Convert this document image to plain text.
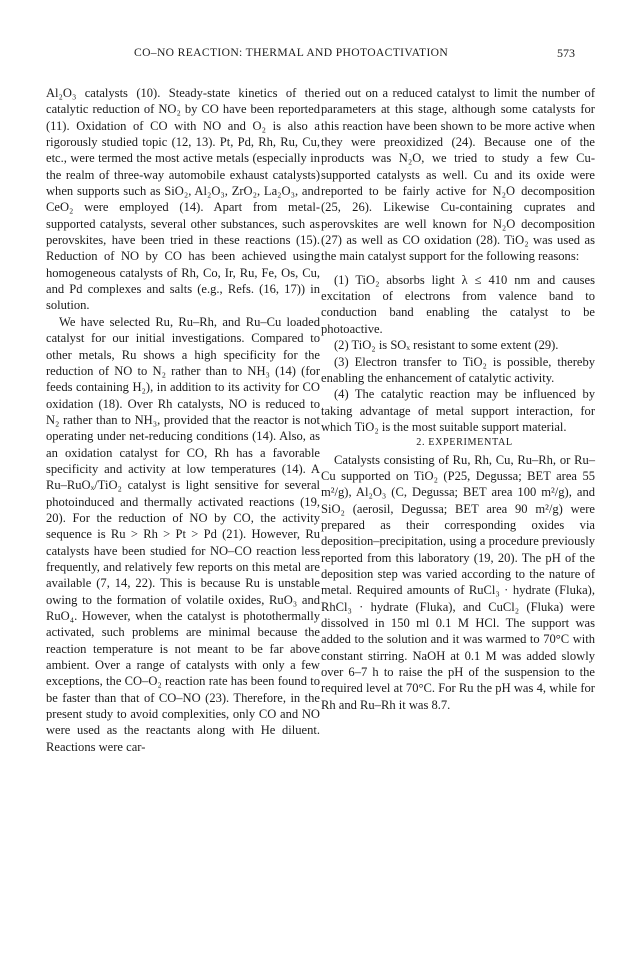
CO–NO REACTION: THERMAL AND PHOTOACTIVATION	573

Al₂O₃ catalysts (10). Steady-state kinetics of the catalytic reduction of NO₂ by CO have been reported (11). Oxidation of CO with NO and O₂ is also a rigorously studied topic (12, 13). Pt, Pd, Rh, Ru, Cu, etc., were termed the most active metals (especially in the realm of three-way automobile exhaust catalysts) when supports such as SiO₂, Al₂O₃, ZrO₂, La₂O₃, and CeO₂ were employed (14). Apart from metal-supported catalysts, several other substances, such as perovskites, have been tried in these reactions (15). Reduction of NO by CO has been achieved using homogeneous catalysts of Rh, Co, Ir, Ru, Fe, Os, Cu, and Pd complexes and salts (e.g., Refs. (16, 17)) in solution.

We have selected Ru, Ru–Rh, and Ru–Cu loaded catalyst for our initial investigations. Compared to other metals, Ru shows a high specificity for the reduction of NO to N₂ rather than to NH₃ (14) (for feeds containing H₂), in addition to its activity for CO oxidation (18). Over Rh catalysts, NO is reduced to N₂ rather than to NH₃, provided that the reactor is not operating under net-reducing conditions (14). Also, as an oxidation catalyst for CO, Rh has a favorable specificity and activity at low temperatures (14). A Ru–RuOₓ/TiO₂ catalyst is light sensitive for several photoinduced and thermally activated reactions (19, 20). For the reduction of NO by CO, the activity sequence is Ru > Rh > Pt > Pd (21). However, Ru catalysts have been studied for NO–CO reaction less frequently, and relatively few reports on this metal are available (7, 14, 22). This is because Ru is unstable owing to the formation of volatile oxides, RuO₃ and RuO₄. However, when the catalyst is photothermally activated, such problems are minimal because the reaction temperature is not meant to be far above ambient. Over a range of catalysts with only a few exceptions, the CO–O₂ reaction rate has been found to be faster than that of CO–NO (23). Therefore, in the present study to avoid complexities, only CO and NO were used as the reactants along with He diluent. Reactions were car-

ried out on a reduced catalyst to limit the number of parameters at this stage, although some catalysts for this reaction have been shown to be more active when they were preoxidized (24). Because one of the products was N₂O, we tried to study a few Cu-supported catalysts as well. Cu and its oxide were reported to be fairly active for N₂O decomposition (25, 26). Likewise Cu-containing cuprates and perovskites are well known for N₂O decomposition (27) as well as CO oxidation (28). TiO₂ was used as the main catalyst support for the following reasons:

(1) TiO₂ absorbs light λ ≤ 410 nm and causes excitation of electrons from valence band to conduction band enabling the catalyst to be photoactive.

(2) TiO₂ is SOₓ resistant to some extent (29).

(3) Electron transfer to TiO₂ is possible, thereby enabling the enhancement of catalytic activity.

(4) The catalytic reaction may be influenced by taking advantage of metal support interaction, for which TiO₂ is the most suitable support material.

2. EXPERIMENTAL

Catalysts consisting of Ru, Rh, Cu, Ru–Rh, or Ru–Cu supported on TiO₂ (P25, Degussa; BET area 55 m²/g), Al₂O₃ (C, Degussa; BET area 100 m²/g), and SiO₂ (aerosil, Degussa; BET area 90 m²/g) were prepared as their corresponding oxides via deposition–precipitation, using a procedure previously reported from this laboratory (19, 20). The pH of the deposition step was varied according to the nature of metal. Required amounts of RuCl₃ · hydrate (Fluka), RhCl₃ · hydrate (Fluka), and CuCl₂ (Fluka) were dissolved in 150 ml 0.1 M HCl. The support was added to the solution and it was warmed to 70°C with constant stirring. NaOH at 0.1 M was added slowly over 6–7 h to raise the pH of the suspension to the required level at 70°C. For Ru the pH was 4, while for Rh and Ru–Rh it was 8.7.
